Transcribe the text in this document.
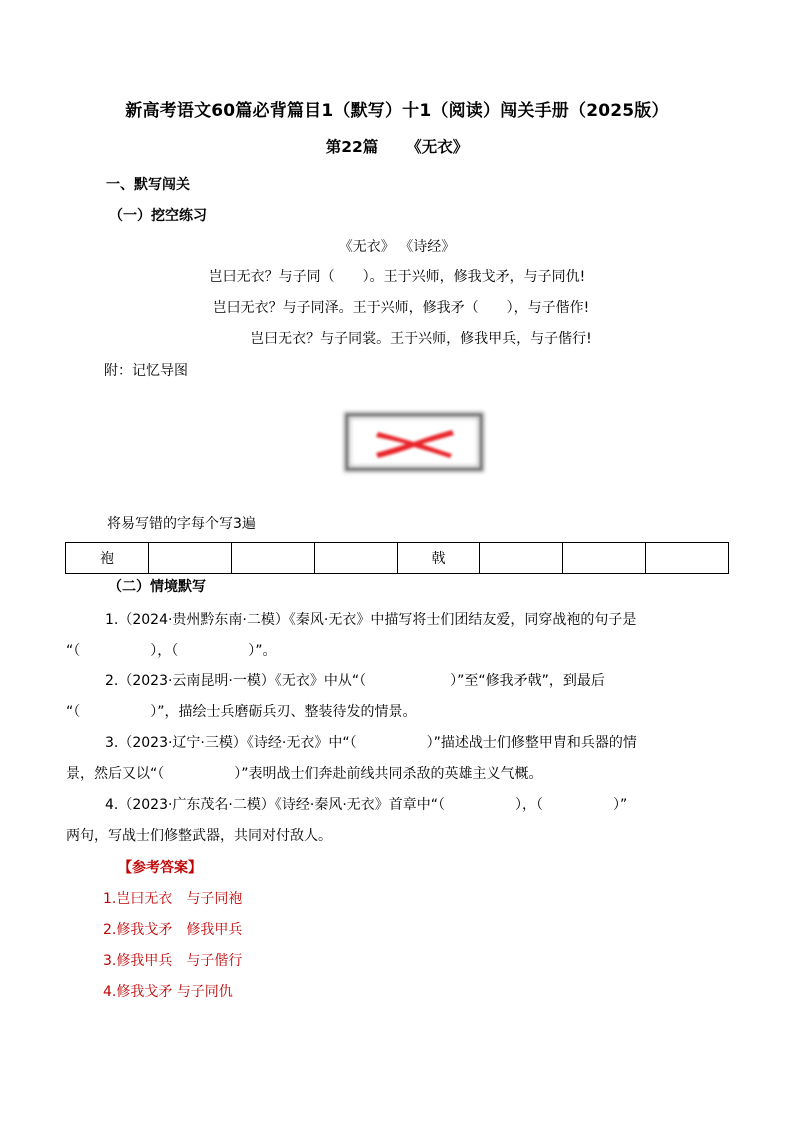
新高考语文60篇必背篇目1（默写）十1（阅读）闯关手册（2025版）
第22篇 《无衣》
一、默写闯关
（一）挖空练习
《无衣》 《诗经》
岂曰无衣？与子同（　　）。王于兴师，修我戈矛，与子同仇!
岂曰无衣？与子同泽。王于兴师，修我矛（　　），与子偕作!
岂曰无衣？与子同裳。王于兴师，修我甲兵，与子偕行!
附：记忆导图
将易写错的字每个写3遍
袍				戟			
（二）情境默写
1.（2024·贵州黔东南·二模）《秦风·无衣》中描写将士们团结友爱，同穿战袍的句子是
“（　　　　　），（　　　　　）”。
2.（2023·云南昆明·一模）《无衣》中从“（　　　　　　）”至“修我矛戟”，到最后
“（　　　　　）”，描绘士兵磨砺兵刃、整装待发的情景。
3.（2023·辽宁·三模）《诗经·无衣》中“（　　　　　）”描述战士们修整甲胄和兵器的情
景，然后又以“（　　　　　）”表明战士们奔赴前线共同杀敌的英雄主义气概。
4.（2023·广东茂名·二模）《诗经·秦风·无衣》首章中“（　　　　　），（　　　　　）”
两句，写战士们修整武器，共同对付敌人。
【参考答案】
1.岂曰无衣　与子同袍
2.修我戈矛　修我甲兵
3.修我甲兵　与子偕行
4.修我戈矛 与子同仇
